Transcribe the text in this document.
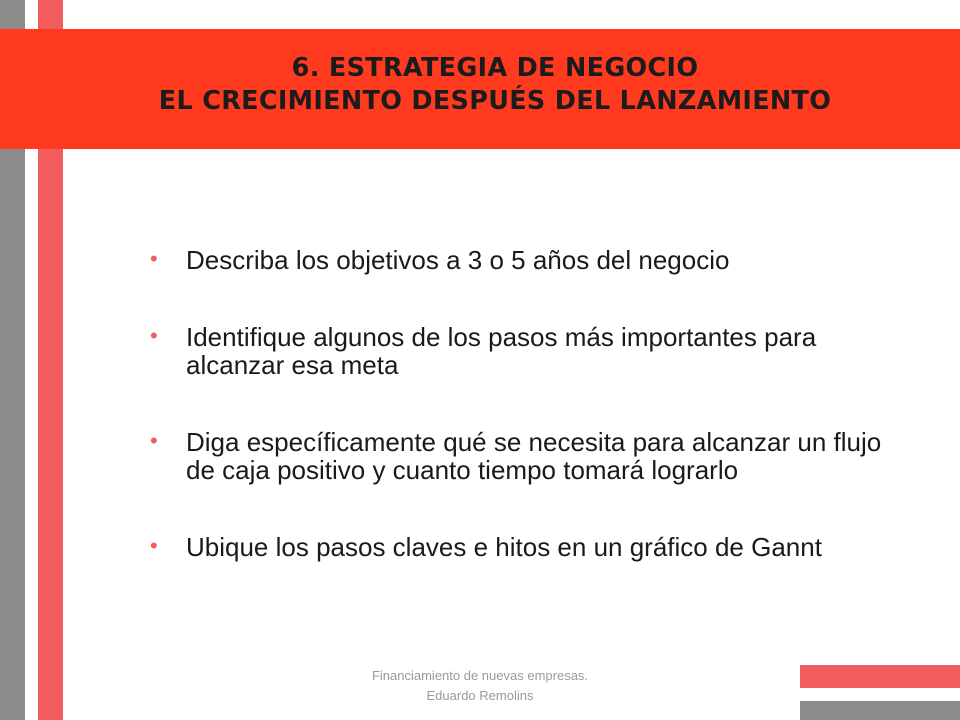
6. ESTRATEGIA DE NEGOCIO
EL CRECIMIENTO DESPUÉS DEL LANZAMIENTO
• Describa los objetivos a 3 o 5 años del negocio
• Identifique algunos de los pasos más importantes para alcanzar esa meta
• Diga específicamente qué se necesita para alcanzar un flujo de caja positivo y cuanto tiempo tomará lograrlo
• Ubique los pasos claves e hitos en un gráfico de Gannt
Financiamiento de nuevas empresas.
Eduardo Remolins
